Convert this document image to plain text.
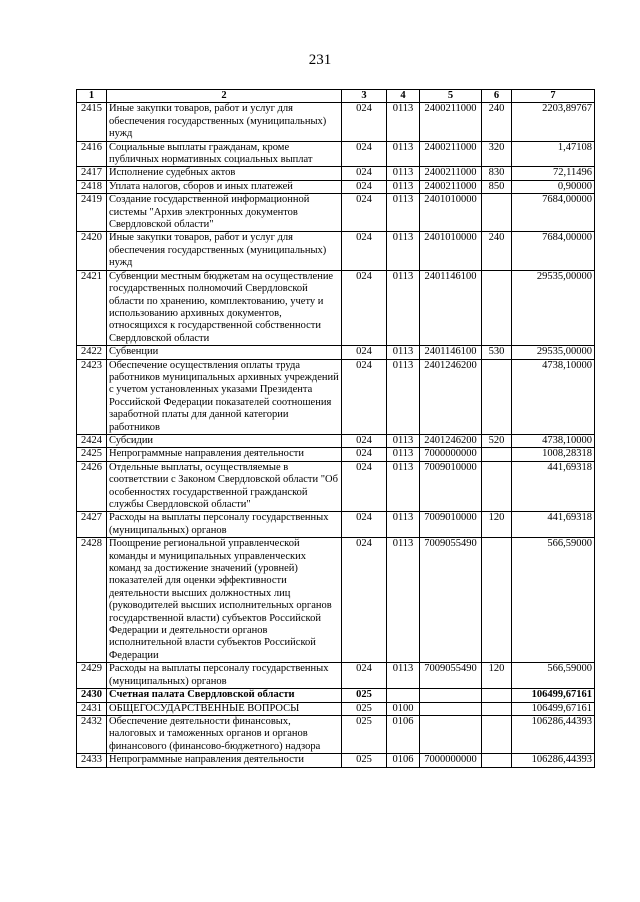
231
1	2	3	4	5	6	7
2415	Иные закупки товаров, работ и услуг для обеспечения государственных (муниципальных) нужд	024	0113	2400211000	240	2203,89767
2416	Социальные выплаты гражданам, кроме публичных нормативных социальных выплат	024	0113	2400211000	320	1,47108
2417	Исполнение судебных актов	024	0113	2400211000	830	72,11496
2418	Уплата налогов, сборов и иных платежей	024	0113	2400211000	850	0,90000
2419	Создание государственной информационной системы "Архив электронных документов Свердловской области"	024	0113	2401010000		7684,00000
2420	Иные закупки товаров, работ и услуг для обеспечения государственных (муниципальных) нужд	024	0113	2401010000	240	7684,00000
2421	Субвенции местным бюджетам на осуществление государственных полномочий Свердловской области по хранению, комплектованию, учету и использованию архивных документов, относящихся к государственной собственности Свердловской области	024	0113	2401146100		29535,00000
2422	Субвенции	024	0113	2401146100	530	29535,00000
2423	Обеспечение осуществления оплаты труда работников муниципальных архивных учреждений с учетом установленных указами Президента Российской Федерации показателей соотношения заработной платы для данной категории работников	024	0113	2401246200		4738,10000
2424	Субсидии	024	0113	2401246200	520	4738,10000
2425	Непрограммные направления деятельности	024	0113	7000000000		1008,28318
2426	Отдельные выплаты, осуществляемые в соответствии с Законом Свердловской области "Об особенностях государственной гражданской службы Свердловской области"	024	0113	7009010000		441,69318
2427	Расходы на выплаты персоналу государственных (муниципальных) органов	024	0113	7009010000	120	441,69318
2428	Поощрение региональной управленческой команды и муниципальных управленческих команд за достижение значений (уровней) показателей для оценки эффективности деятельности высших должностных лиц (руководителей высших исполнительных органов государственной власти) субъектов Российской Федерации и деятельности органов исполнительной власти субъектов Российской Федерации	024	0113	7009055490		566,59000
2429	Расходы на выплаты персоналу государственных (муниципальных) органов	024	0113	7009055490	120	566,59000
2430	Счетная палата Свердловской области	025				106499,67161
2431	ОБЩЕГОСУДАРСТВЕННЫЕ ВОПРОСЫ	025	0100			106499,67161
2432	Обеспечение деятельности финансовых, налоговых и таможенных органов и органов финансового (финансово-бюджетного) надзора	025	0106			106286,44393
2433	Непрограммные направления деятельности	025	0106	7000000000		106286,44393
